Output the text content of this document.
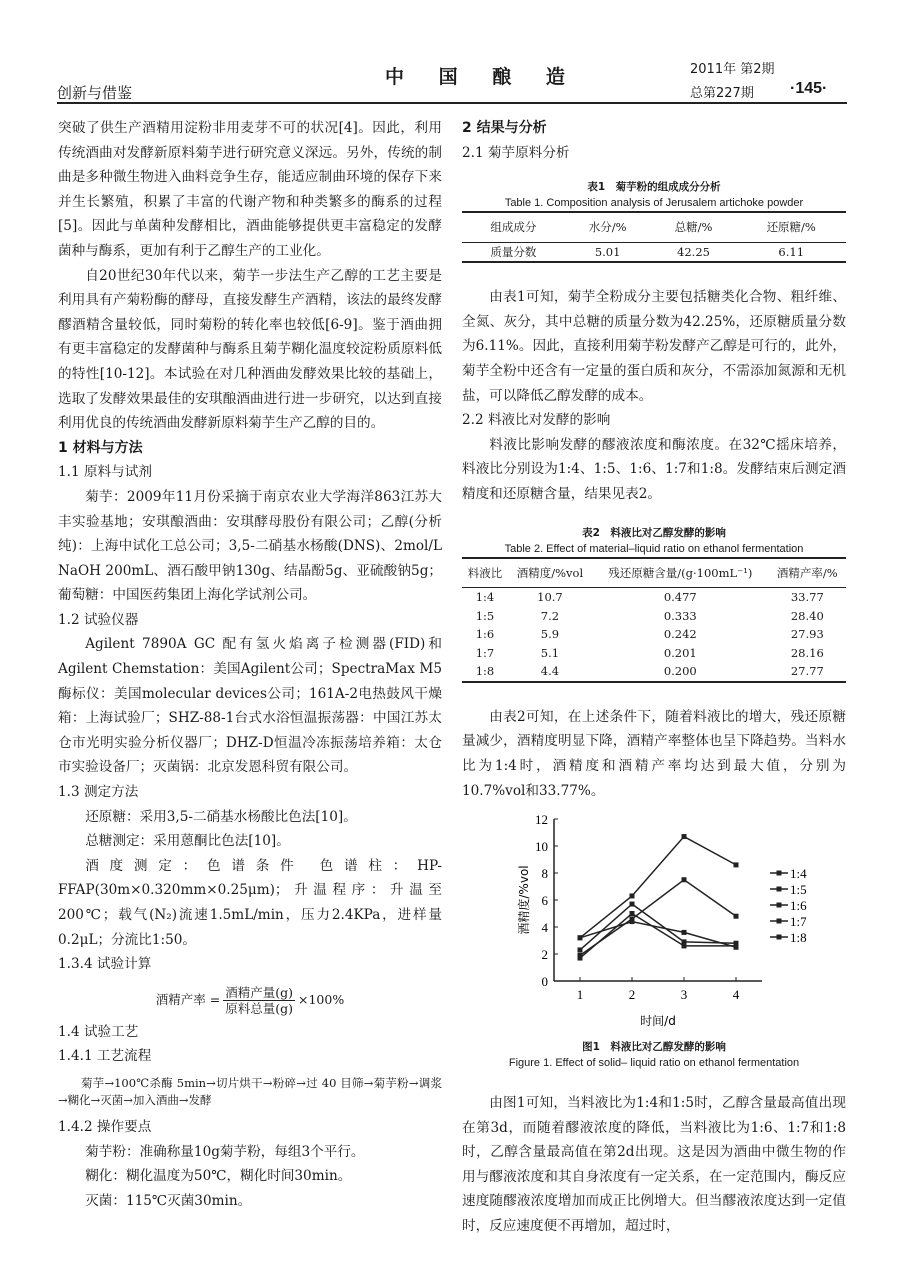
创新与借鉴
中 国 酿 造	2011年 第2期
总第227期 ·145·

突破了供生产酒精用淀粉非用麦芽不可的状况[4]。因此，利用传统酒曲对发酵新原料菊芋进行研究意义深远。另外，传统的制曲是多种微生物进入曲料竞争生存，能适应制曲环境的保存下来并生长繁殖，积累了丰富的代谢产物和种类繁多的酶系的过程[5]。因此与单菌种发酵相比，酒曲能够提供更丰富稳定的发酵菌种与酶系，更加有利于乙醇生产的工业化。

自20世纪30年代以来，菊芋一步法生产乙醇的工艺主要是利用具有产菊粉酶的酵母，直接发酵生产酒精，该法的最终发酵醪酒精含量较低，同时菊粉的转化率也较低[6-9]。鉴于酒曲拥有更丰富稳定的发酵菌种与酶系且菊芋糊化温度较淀粉质原料低的特性[10-12]。本试验在对几种酒曲发酵效果比较的基础上，选取了发酵效果最佳的安琪酿酒曲进行进一步研究，以达到直接利用优良的传统酒曲发酵新原料菊芋生产乙醇的目的。

1 材料与方法
1.1 原料与试剂

菊芋：2009年11月份采摘于南京农业大学海洋863江苏大丰实验基地；安琪酿酒曲：安琪酵母股份有限公司；乙醇(分析纯)：上海中试化工总公司；3,5-二硝基水杨酸(DNS)、2mol/L NaOH 200mL、酒石酸甲钠130g、结晶酚5g、亚硫酸钠5g；葡萄糖：中国医药集团上海化学试剂公司。

1.2 试验仪器

Agilent 7890A GC 配有氢火焰离子检测器(FID)和Agilent Chemstation：美国Agilent公司；SpectraMax M5酶标仪：美国molecular devices公司；161A-2电热鼓风干燥箱：上海试验厂；SHZ-88-1台式水浴恒温振荡器：中国江苏太仓市光明实验分析仪器厂；DHZ-D恒温冷冻振荡培养箱：太仓市实验设备厂；灭菌锅：北京发恩科贸有限公司。

1.3 测定方法

还原糖：采用3,5-二硝基水杨酸比色法[10]。

总糖测定：采用蒽酮比色法[10]。

酒度测定：色谱条件 色谱柱：HP-FFAP(30m×0.320mm×0.25μm)；升温程序：升温至200℃；载气(N₂)流速1.5mL/min，压力2.4KPa，进样量0.2μL；分流比1:50。

1.3.4 试验计算
酒精产率 = $\frac{\text{酒精产量(g)}}{\text{原料总量(g)}} \times 100\%$
1.4 试验工艺
1.4.1 工艺流程

菊芋→100℃杀酶 5min→切片烘干→粉碎→过 40 目筛→菊芋粉→调浆→糊化→灭菌→加入酒曲→发酵

1.4.2 操作要点

菊芋粉：准确称量10g菊芋粉，每组3个平行。

糊化：糊化温度为50℃，糊化时间30min。

灭菌：115℃灭菌30min。

2 结果与分析
2.1 菊芋原料分析
表1　菊芋粉的组成成分分析
Table 1. Composition analysis of Jerusalem artichoke powder
组成成分	水分/%	总糖/%	还原糖/%
质量分数	5.01	42.25	6.11

由表1可知，菊芋全粉成分主要包括糖类化合物、粗纤维、全氮、灰分，其中总糖的质量分数为42.25%，还原糖质量分数为6.11%。因此，直接利用菊芋粉发酵产乙醇是可行的，此外，菊芋全粉中还含有一定量的蛋白质和灰分，不需添加氮源和无机盐，可以降低乙醇发酵的成本。

2.2 料液比对发酵的影响

料液比影响发酵的醪液浓度和酶浓度。在32℃摇床培养，料液比分别设为1:4、1:5、1:6、1:7和1:8。发酵结束后测定酒精度和还原糖含量，结果见表2。

表2　料液比对乙醇发酵的影响
Table 2. Effect of material–liquid ratio on ethanol fermentation
料液比	酒精度/%vol	残还原糖含量/(g·100mL⁻¹)	酒精产率/%
1:4	10.7	0.477	33.77
1:5	7.2	0.333	28.40
1:6	5.9	0.242	27.93
1:7	5.1	0.201	28.16
1:8	4.4	0.200	27.77

由表2可知，在上述条件下，随着料液比的增大，残还原糖量减少，酒精度明显下降，酒精产率整体也呈下降趋势。当料水比为1:4时，酒精度和酒精产率均达到最大值，分别为10.7%vol和33.77%。

0
2
4
6
8
10
12
1	2	3	4
时间/d
酒精度/%vol	1:4
1:5
1:6
1:7
1:8
图1　料液比对乙醇发酵的影响
Figure 1. Effect of solid– liquid ratio on ethanol fermentation

由图1可知，当料液比为1:4和1:5时，乙醇含量最高值出现在第3d，而随着醪液浓度的降低，当料液比为1:6、1:7和1:8时，乙醇含量最高值在第2d出现。这是因为酒曲中微生物的作用与醪液浓度和其自身浓度有一定关系，在一定范围内，酶反应速度随醪液浓度增加而成正比例增大。但当醪液浓度达到一定值时，反应速度便不再增加，超过时，
